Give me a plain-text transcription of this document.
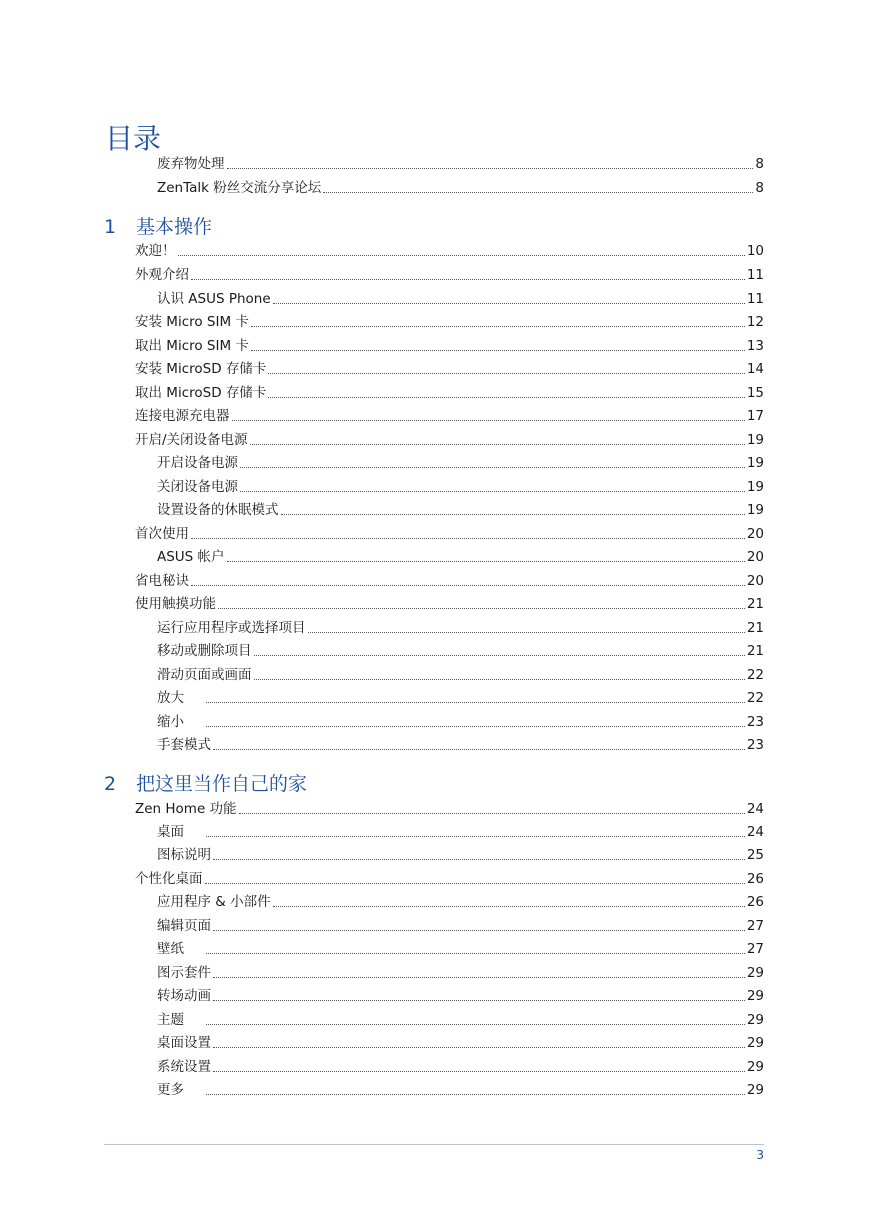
目录
废弃物处理	8
ZenTalk 粉丝交流分享论坛	8
1 基本操作
欢迎！	10
外观介绍	11
认识 ASUS Phone	11
安装 Micro SIM 卡	12
取出 Micro SIM 卡	13
安装 MicroSD 存储卡	14
取出 MicroSD 存储卡	15
连接电源充电器	17
开启/关闭设备电源	19
开启设备电源	19
关闭设备电源	19
设置设备的休眠模式	19
首次使用	20
ASUS 帐户	20
省电秘诀	20
使用触摸功能	21
运行应用程序或选择项目	21
移动或删除项目	21
滑动页面或画面	22
放大	22
缩小	23
手套模式	23
2 把这里当作自己的家
Zen Home 功能	24
桌面	24
图标说明	25
个性化桌面	26
应用程序 & 小部件	26
编辑页面	27
壁纸	27
图示套件	29
转场动画	29
主题	29
桌面设置	29
系统设置	29
更多	29
3
